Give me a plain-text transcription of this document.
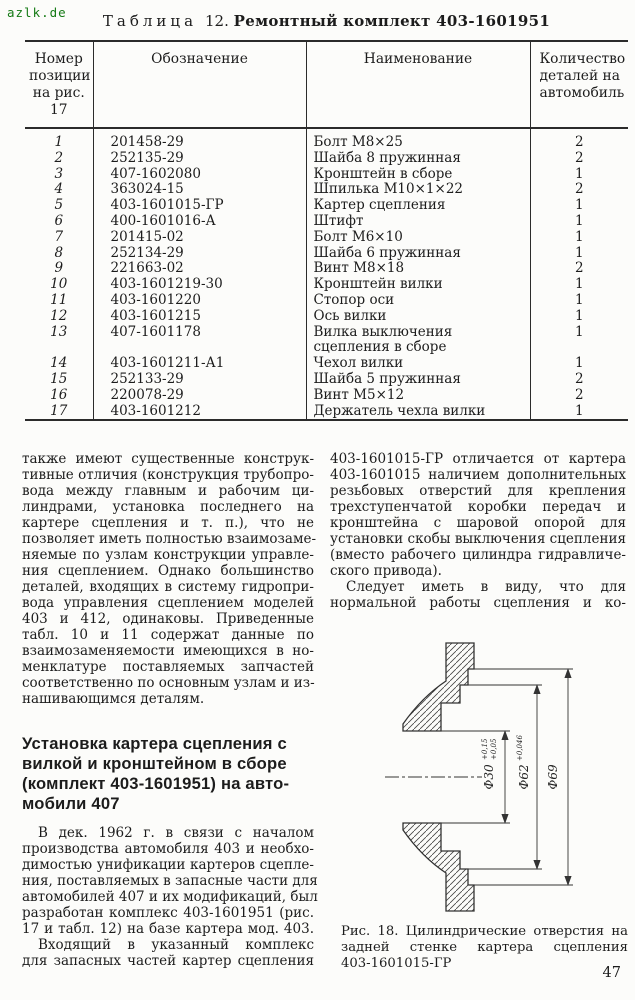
azlk.de	Таблица 12. Ремонтный комплект 403-1601951
Номер позиции на рис. 17	Обозначение	Наименование	Количество деталей на автомобиль
1	201458-29	Болт М8×25	2
2	252135-29	Шайба 8 пружинная	2
3	407-1602080	Кронштейн в сборе	1
4	363024-15	Шпилька М10×1×22	2
5	403-1601015-ГР	Картер сцепления	1
6	400-1601016-А	Штифт	1
7	201415-02	Болт М6×10	1
8	252134-29	Шайба 6 пружинная	1
9	221663-02	Винт М8×18	2
10	403-1601219-30	Кронштейн вилки	1
11	403-1601220	Стопор оси	1
12	403-1601215	Ось вилки	1
13	407-1601178	Вилка выключения сцепления в сборе	1
14	403-1601211-А1	Чехол вилки	1
15	252133-29	Шайба 5 пружинная	2
16	220078-29	Винт М5×12	2
17	403-1601212	Держатель чехла вилки	1
также имеют существенные конструк-
тивные отличия (конструкция трубопро-
вода между главным и рабочим ци-
линдрами, установка последнего на
картере сцепления и т. п.), что не
позволяет иметь полностью взаимозаме-
няемые по узлам конструкции управле-
ния сцеплением. Однако большинство
деталей, входящих в систему гидропри-
вода управления сцеплением моделей
403 и 412, одинаковы. Приведенные
табл. 10 и 11 содержат данные по
взаимозаменяемости имеющихся в но-
менклатуре поставляемых запчастей
соответственно по основным узлам и из-
нашивающимся деталям.
Установка картера сцепления с
вилкой и кронштейном в сборе
(комплект 403-1601951) на авто-
мобили 407
В дек. 1962 г. в связи с началом
производства автомобиля 403 и необхо-
димостью унификации картеров сцепле-
ния, поставляемых в запасные части для
автомобилей 407 и их модификаций, был
разработан комплекс 403-1601951 (рис.
17 и табл. 12) на базе картера мод. 403.
Входящий в указанный комплекс
для запасных частей картер сцепления
403-1601015-ГР отличается от картера
403-1601015 наличием дополнительных
резьбовых отверстий для крепления
трехступенчатой коробки передач и
кронштейна с шаровой опорой для
установки скобы выключения сцепления
(вместо рабочего цилиндра гидравличе-
ского привода).
Следует иметь в виду, что для
нормальной работы сцепления и ко-
Ф30
+0,15 +0,05
Ф62
+0,046
Ф69
Рис. 18. Цилиндрические отверстия на
задней стенке картера сцепления
403-1601015-ГР
47
